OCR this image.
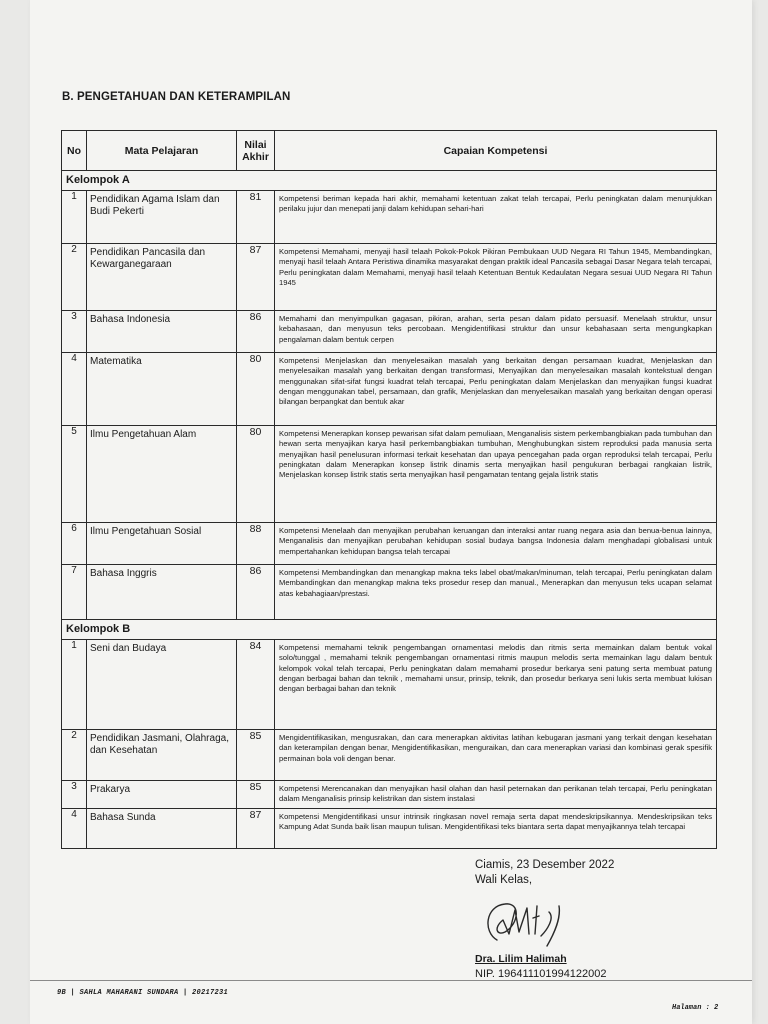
B. PENGETAHUAN DAN KETERAMPILAN
No	Mata Pelajaran	Nilai Akhir	Capaian Kompetensi
Kelompok A			
1	Pendidikan Agama Islam dan Budi Pekerti	81	Kompetensi beriman kepada hari akhir, memahami ketentuan zakat telah tercapai, Perlu peningkatan dalam menunjukkan perilaku jujur dan menepati janji dalam kehidupan sehari-hari
2	Pendidikan Pancasila dan Kewarganegaraan	87	Kompetensi Memahami, menyaji hasil telaah Pokok-Pokok Pikiran Pembukaan UUD Negara RI Tahun 1945, Membandingkan, menyaji hasil telaah Antara Peristiwa dinamika masyarakat dengan praktik ideal Pancasila sebagai Dasar Negara telah tercapai, Perlu peningkatan dalam Memahami, menyaji hasil telaah Ketentuan Bentuk Kedaulatan Negara sesuai UUD Negara RI Tahun 1945
3	Bahasa Indonesia	86	Memahami dan menyimpulkan gagasan, pikiran, arahan, serta pesan dalam pidato persuasif. Menelaah struktur, unsur kebahasaan, dan menyusun teks percobaan. Mengidentifikasi struktur dan unsur kebahasaan serta mengungkapkan pengalaman dalam bentuk cerpen
4	Matematika	80	Kompetensi Menjelaskan dan menyelesaikan masalah yang berkaitan dengan persamaan kuadrat, Menjelaskan dan menyelesaikan masalah yang berkaitan dengan transformasi, Menyajikan dan menyelesaikan masalah kontekstual dengan menggunakan sifat-sifat fungsi kuadrat telah tercapai, Perlu peningkatan dalam Menjelaskan dan menyajikan fungsi kuadrat dengan menggunakan tabel, persamaan, dan grafik, Menjelaskan dan menyelesaikan masalah yang berkaitan dengan operasi bilangan berpangkat dan bentuk akar
5	Ilmu Pengetahuan Alam	80	Kompetensi Menerapkan konsep pewarisan sifat dalam pemuliaan, Menganalisis sistem perkembangbiakan pada tumbuhan dan hewan serta menyajikan karya hasil perkembangbiakan tumbuhan, Menghubungkan sistem reproduksi pada manusia serta menyajikan hasil penelusuran informasi terkait kesehatan dan upaya pencegahan pada organ reproduksi telah tercapai, Perlu peningkatan dalam Menerapkan konsep listrik dinamis serta menyajikan hasil pengukuran berbagai rangkaian listrik, Menjelaskan konsep listrik statis serta menyajikan hasil pengamatan tentang gejala listrik statis
6	Ilmu Pengetahuan Sosial	88	Kompetensi Menelaah dan menyajikan perubahan keruangan dan interaksi antar ruang negara asia dan benua-benua lainnya, Menganalisis dan menyajikan perubahan kehidupan sosial budaya bangsa Indonesia dalam menghadapi globalisasi untuk mempertahankan kehidupan bangsa telah tercapai
7	Bahasa Inggris	86	Kompetensi Membandingkan dan menangkap makna teks label obat/makan/minuman, telah tercapai, Perlu peningkatan dalam Membandingkan dan menangkap makna teks prosedur resep dan manual., Menerapkan dan menyusun teks ucapan selamat atas kebahagiaan/prestasi.
Kelompok B			
1	Seni dan Budaya	84	Kompetensi memahami teknik pengembangan ornamentasi melodis dan ritmis serta memainkan dalam bentuk vokal solo/tunggal , memahami teknik pengembangan ornamentasi ritmis maupun melodis serta memainkan lagu dalam bentuk kelompok vokal telah tercapai, Perlu peningkatan dalam memahami prosedur berkarya seni patung serta membuat patung dengan berbagai bahan dan teknik , memahami unsur, prinsip, teknik, dan prosedur berkarya seni lukis serta membuat lukisan dengan berbagai bahan dan teknik
2	Pendidikan Jasmani, Olahraga, dan Kesehatan	85	Mengidentifikasikan, mengusrakan, dan cara menerapkan aktivitas latihan kebugaran jasmani yang terkait dengan kesehatan dan keterampilan dengan benar, Mengidentifikasikan, menguraikan, dan cara menerapkan variasi dan kombinasi gerak spesifik permainan bola voli dengan benar.
3	Prakarya	85	Kompetensi Merencanakan dan menyajikan hasil olahan dan hasil peternakan dan perikanan telah tercapai, Perlu peningkatan dalam Menganalisis prinsip kelistrikan dan sistem instalasi
4	Bahasa Sunda	87	Kompetensi Mengidentifikasi unsur intrinsik ringkasan novel remaja serta dapat mendeskripsikannya. Mendeskripsikan teks Kampung Adat Sunda baik lisan maupun tulisan. Mengidentifikasi teks biantara serta dapat menyajikannya telah tercapai
Ciamis, 23 Desember 2022
Wali Kelas,
Dra. Lilim Halimah
NIP. 196411101994122002
9B | SAHLA MAHARANI SUNDARA | 20217231
Halaman : 2
